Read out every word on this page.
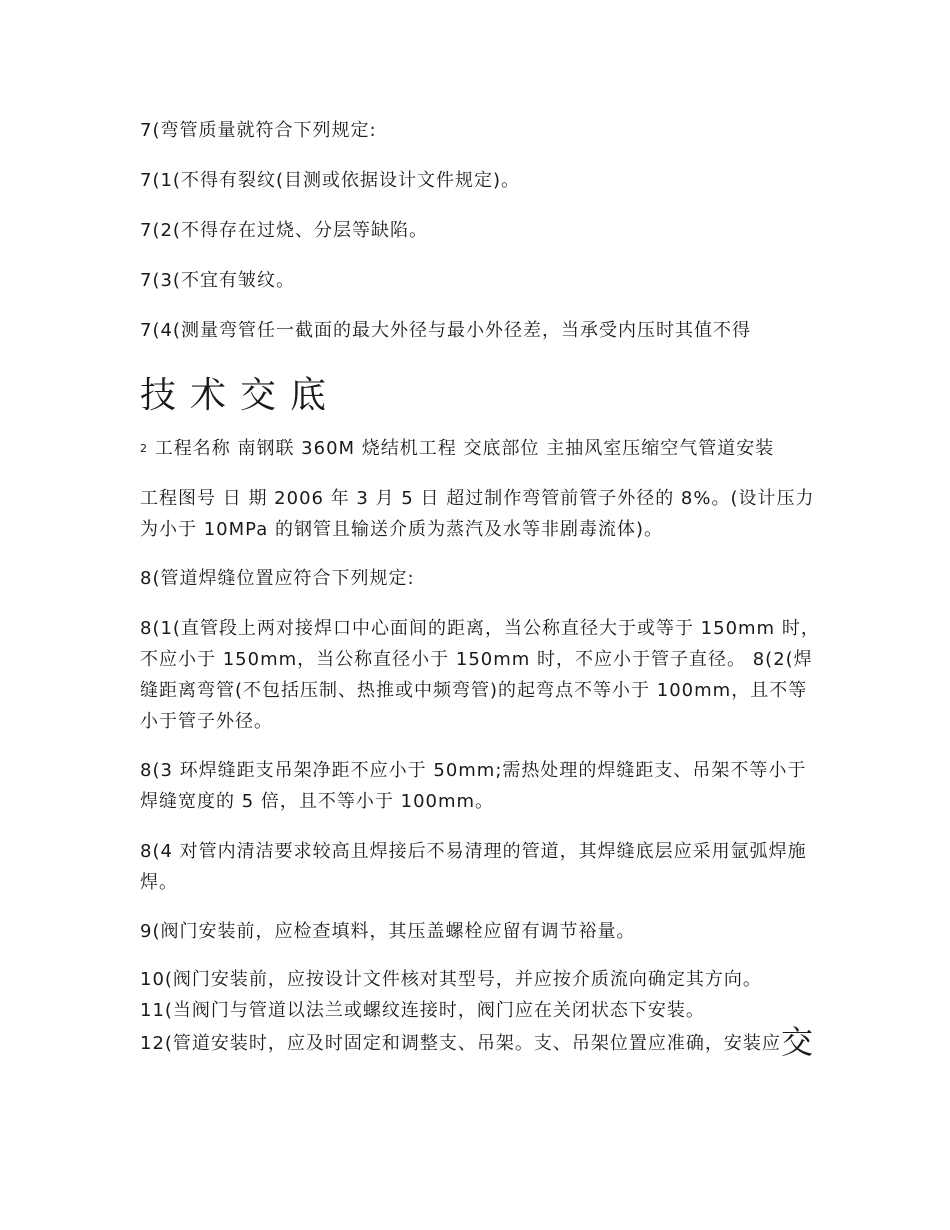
7(弯管质量就符合下列规定:
7(1(不得有裂纹(目测或依据设计文件规定)。
7(2(不得存在过烧、分层等缺陷。
7(3(不宜有皱纹。
7(4(测量弯管任一截面的最大外径与最小外径差，当承受内压时其值不得
技术交底
2 工程名称 南钢联 360M 烧结机工程 交底部位 主抽风室压缩空气管道安装
工程图号 日 期 2006 年 3 月 5 日 超过制作弯管前管子外径的 8%。(设计压力为小于 10MPa 的钢管且输送介质为蒸汽及水等非剧毒流体)。
8(管道焊缝位置应符合下列规定:
8(1(直管段上两对接焊口中心面间的距离，当公称直径大于或等于 150mm 时，不应小于 150mm，当公称直径小于 150mm 时，不应小于管子直径。 8(2(焊缝距离弯管(不包括压制、热推或中频弯管)的起弯点不等小于 100mm，且不等小于管子外径。
8(3 环焊缝距支吊架净距不应小于 50mm;需热处理的焊缝距支、吊架不等小于焊缝宽度的 5 倍，且不等小于 100mm。
8(4 对管内清洁要求较高且焊接后不易清理的管道，其焊缝底层应采用氩弧焊施焊。
9(阀门安装前，应检查填料，其压盖螺栓应留有调节裕量。
10(阀门安装前，应按设计文件核对其型号，并应按介质流向确定其方向。
11(当阀门与管道以法兰或螺纹连接时，阀门应在关闭状态下安装。
12(管道安装时，应及时固定和调整支、吊架。支、吊架位置应准确，安装应交
